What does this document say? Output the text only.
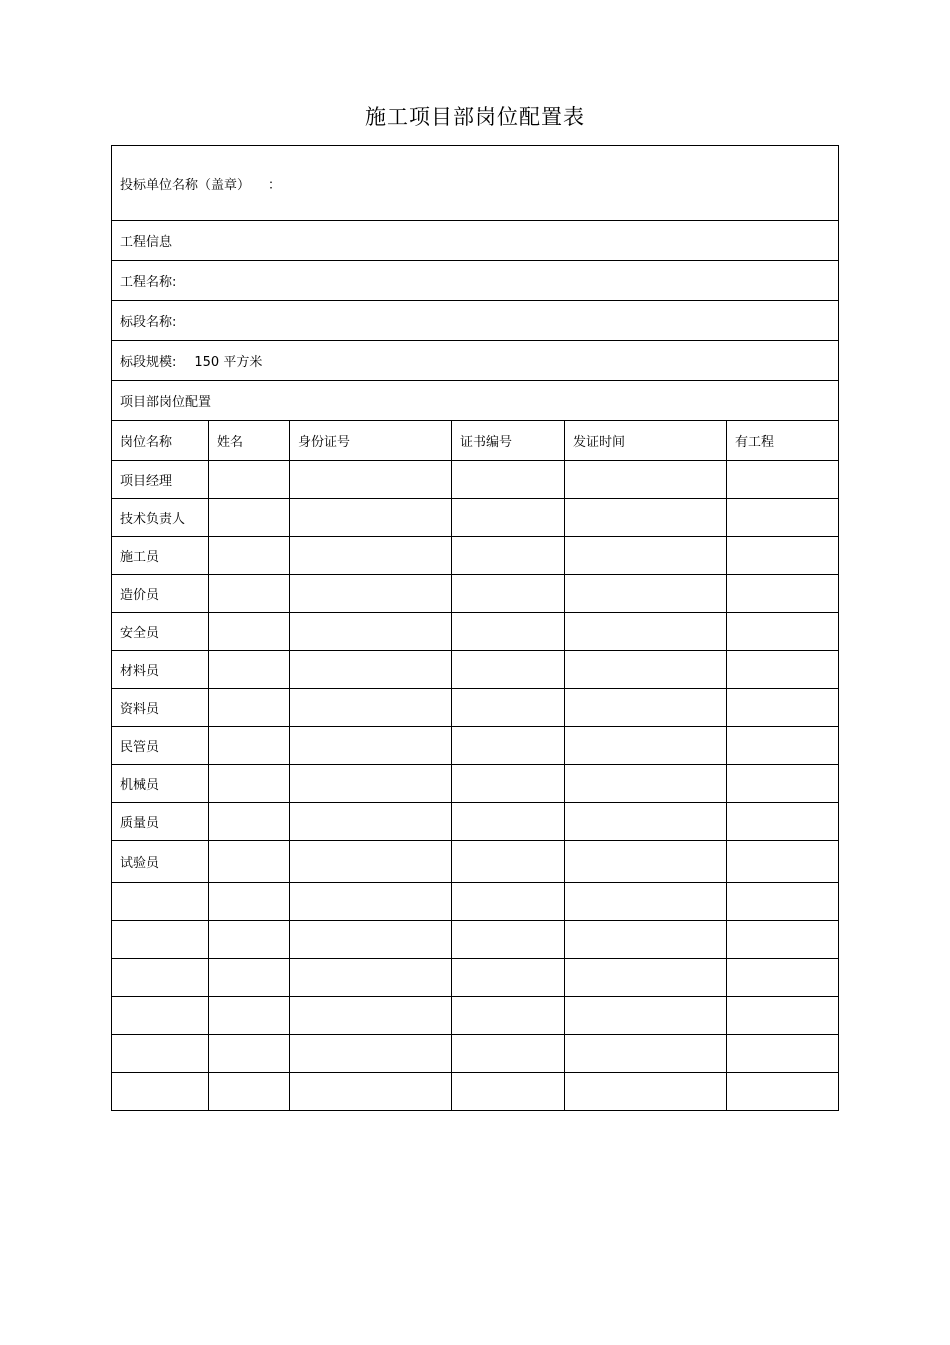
施工项目部岗位配置表
投标单位名称（盖章） ：					
工程信息					
工程名称:					
标段名称:					
标段规模: 150 平方米					
项目部岗位配置					
岗位名称	姓名	身份证号	证书编号	发证时间	有工程
项目经理					
技术负责人					
施工员					
造价员					
安全员					
材料员					
资料员					
民管员					
机械员					
质量员					
试验员					
